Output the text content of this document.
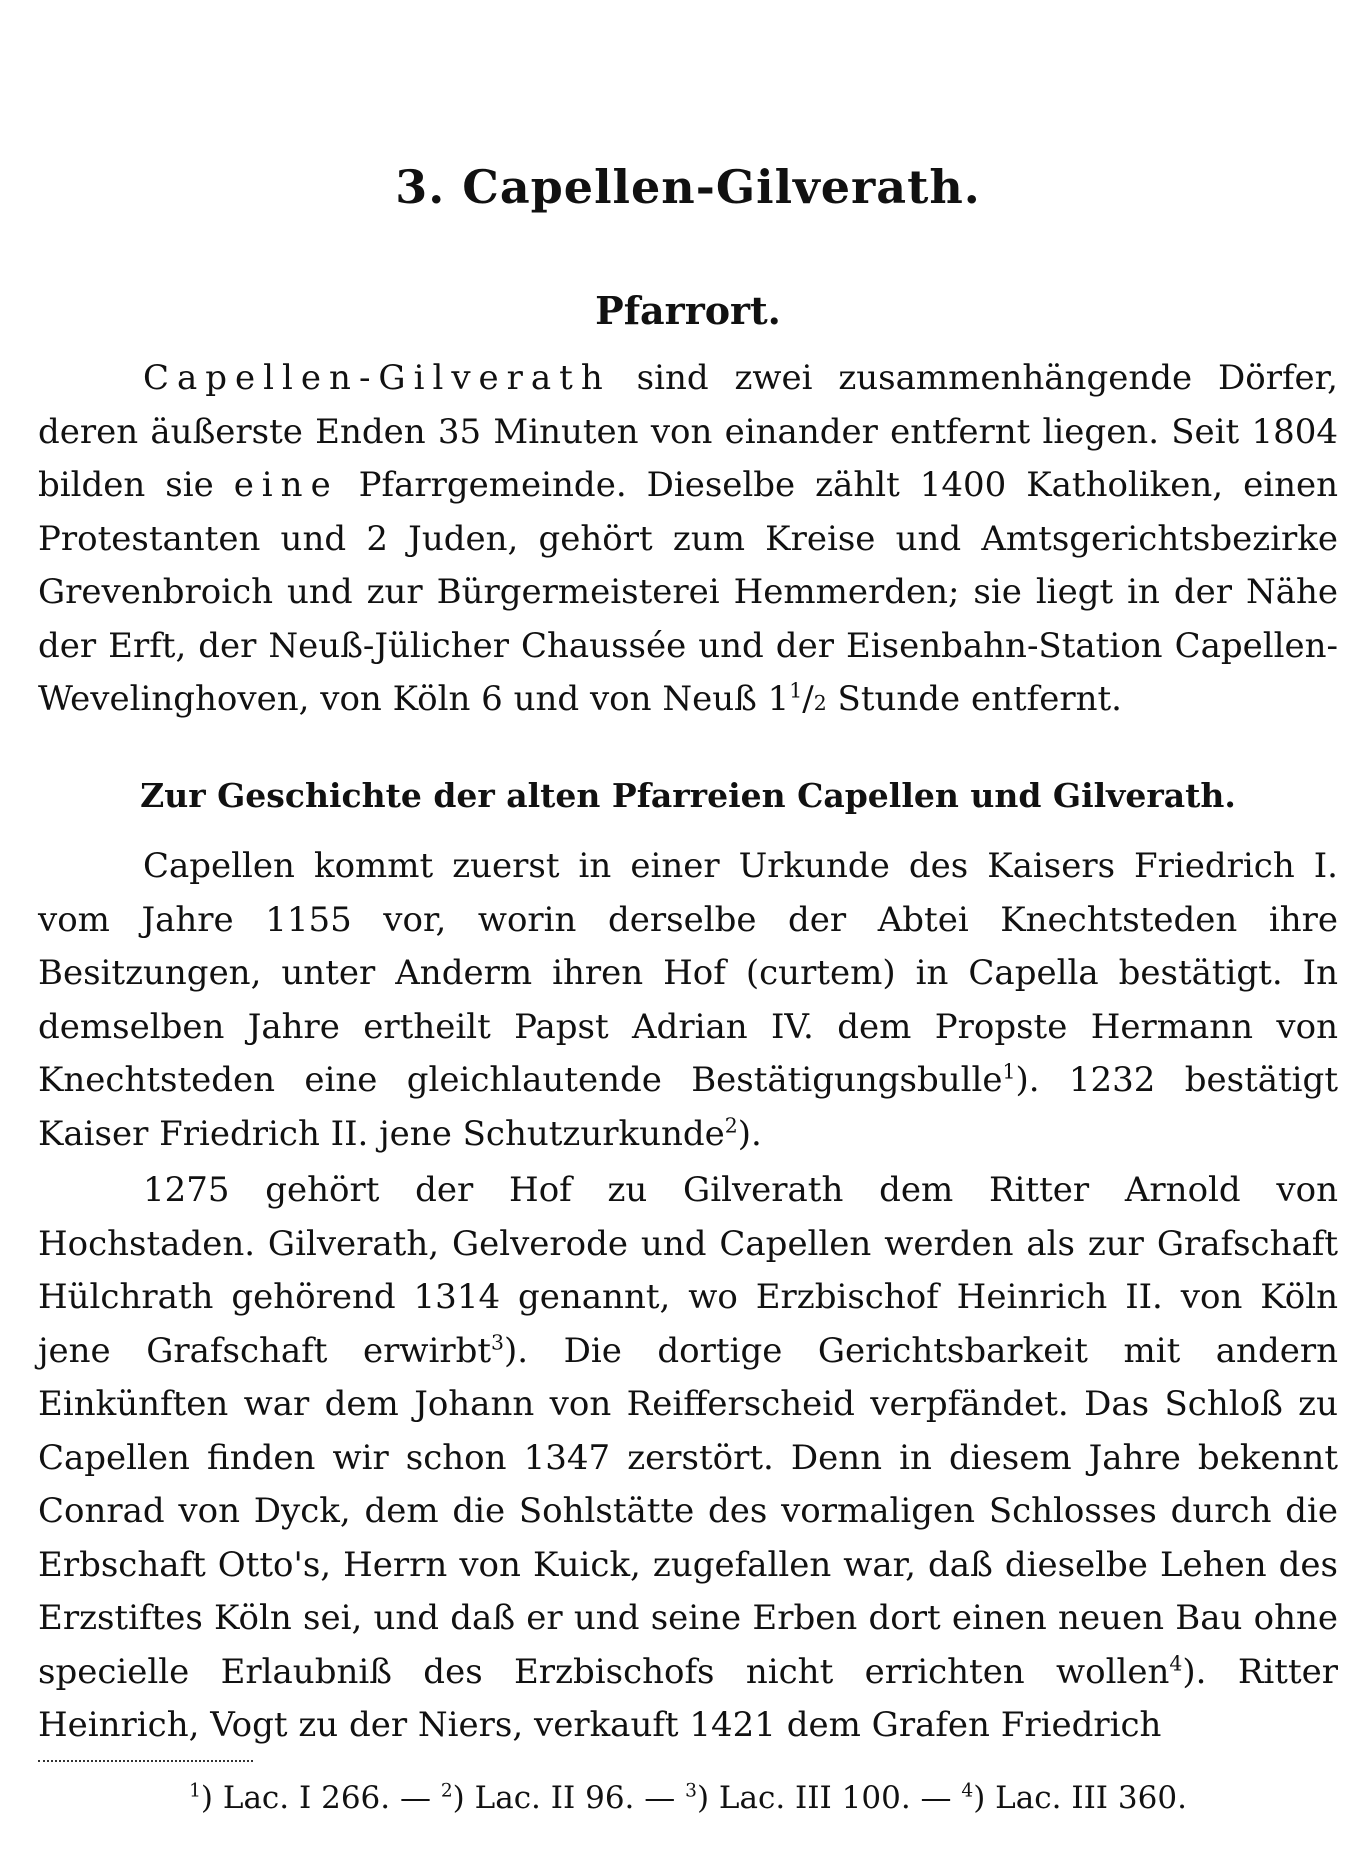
3. Capellen-Gilverath.
Pfarrort.

Capellen-Gilverath sind zwei zusammenhängende Dörfer, deren äußerste Enden 35 Minuten von einander entfernt liegen. Seit 1804 bilden sie eine Pfarrgemeinde. Dieselbe zählt 1400 Katholiken, einen Protestanten und 2 Juden, gehört zum Kreise und Amtsgerichtsbezirke Grevenbroich und zur Bürgermeisterei Hemmerden; sie liegt in der Nähe der Erft, der Neuß-Jülicher Chaussée und der Eisenbahn-Station Capellen-Wevelinghoven, von Köln 6 und von Neuß $1^1/2$ Stunde entfernt.

Zur Geschichte der alten Pfarreien Capellen und Gilverath.

Capellen kommt zuerst in einer Urkunde des Kaisers Friedrich I. vom Jahre 1155 vor, worin derselbe der Abtei Knechtsteden ihre Besitzungen, unter Anderm ihren Hof (curtem) in Capella bestätigt. In demselben Jahre ertheilt Papst Adrian IV. dem Propste Hermann von Knechtsteden eine gleichlautende Bestätigungsbulle$^1$). 1232 bestätigt Kaiser Friedrich II. jene Schutzurkunde$^2$).

1275 gehört der Hof zu Gilverath dem Ritter Arnold von Hochstaden. Gilverath, Gelverode und Capellen werden als zur Grafschaft Hülchrath gehörend 1314 genannt, wo Erzbischof Heinrich II. von Köln jene Grafschaft erwirbt$^3$). Die dortige Gerichtsbarkeit mit andern Einkünften war dem Johann von Reifferscheid verpfändet. Das Schloß zu Capellen finden wir schon 1347 zerstört. Denn in diesem Jahre bekennt Conrad von Dyck, dem die Sohlstätte des vormaligen Schlosses durch die Erbschaft Otto's, Herrn von Kuick, zugefallen war, daß dieselbe Lehen des Erzstiftes Köln sei, und daß er und seine Erben dort einen neuen Bau ohne specielle Erlaubniß des Erzbischofs nicht errichten wollen$^4$). Ritter Heinrich, Vogt zu der Niers, verkauft 1421 dem Grafen Friedrich

$^1$) Lac. I 266. — $^2$) Lac. II 96. — $^3$) Lac. III 100. — $^4$) Lac. III 360.
